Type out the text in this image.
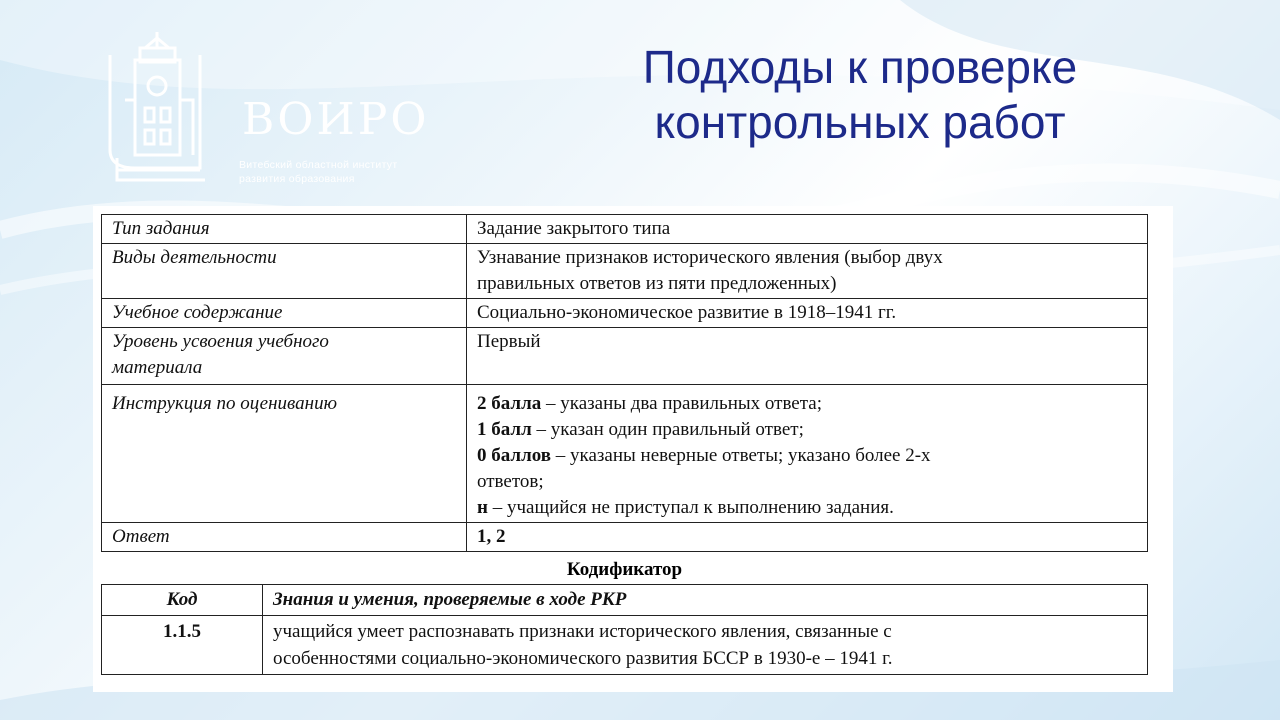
ВОИРО
Витебский областной институт
развития образования
Подходы к проверке
контрольных работ
Тип задания	Задание закрытого типа
Виды деятельности	Узнавание признаков исторического явления (выбор двух
правильных ответов из пяти предложенных)

Учебное содержание	Социально-экономическое развитие в 1918–1941 гг.

Уровень усвоения учебного
материала	Первый
Инструкция по оцениванию	2 балла – указаны два правильных ответа;
1 балл – указан один правильный ответ;
0 баллов – указаны неверные ответы; указано более 2-х
ответов;
н – учащийся не приступал к выполнению задания.

Ответ	1, 2
Кодификатор
Код	Знания и умения, проверяемые в ходе РКР
1.1.5	учащийся умеет распознавать признаки исторического явления, связанные с
особенностями социально-экономического развития БССР в 1930-е – 1941 г.
